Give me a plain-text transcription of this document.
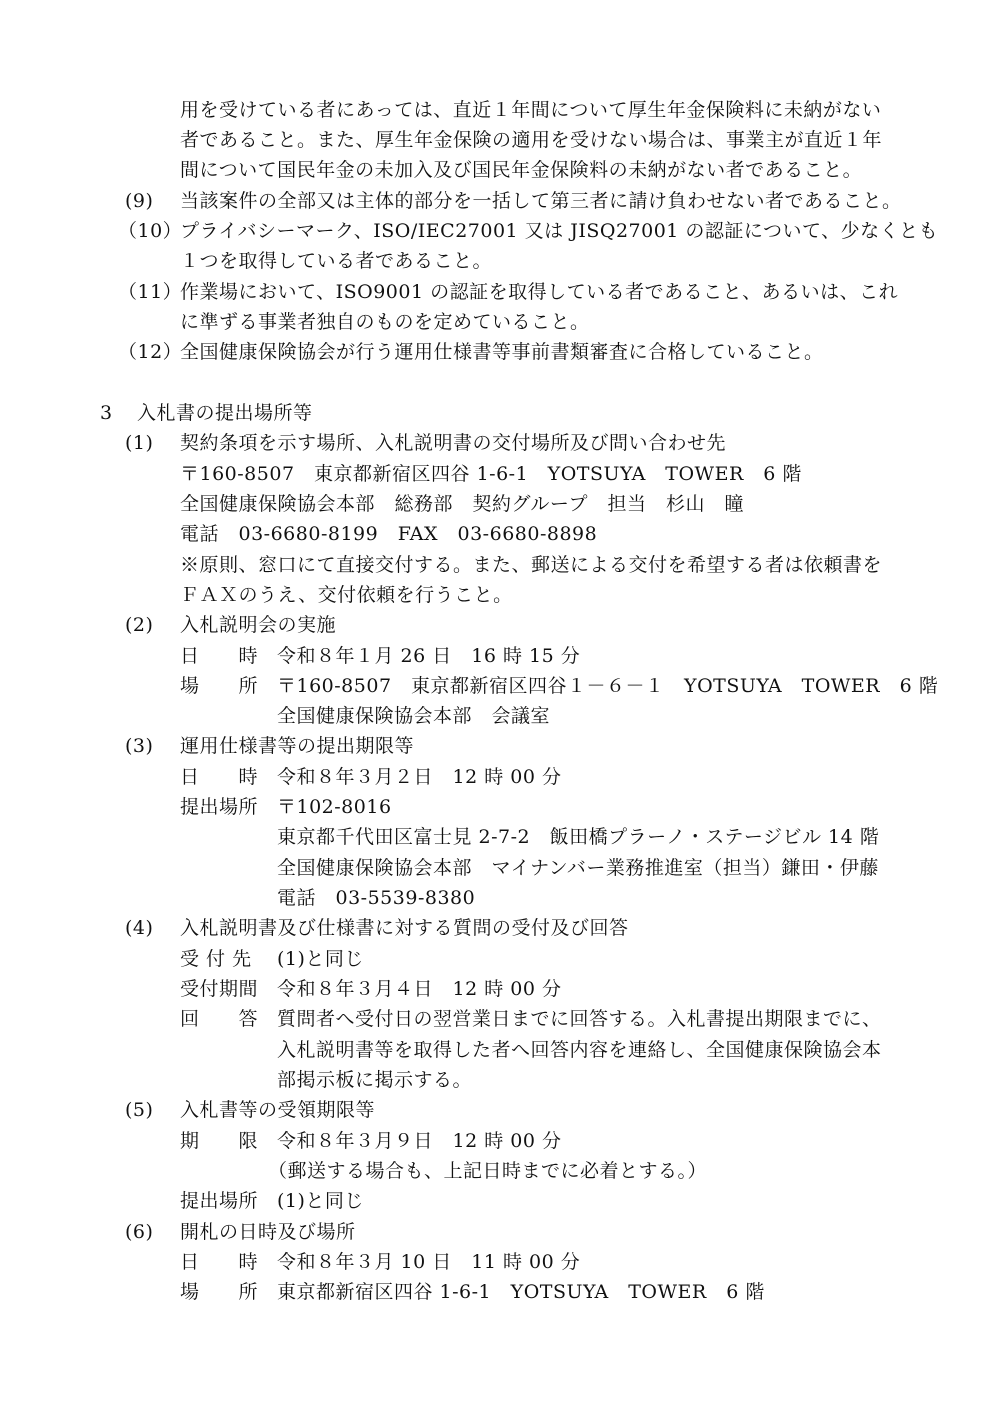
用を受けている者にあっては、直近１年間について厚生年金保険料に未納がない
者であること。また、厚生年金保険の適用を受けない場合は、事業主が直近１年
間について国民年金の未加入及び国民年金保険料の未納がない者であること。
(9) 当該案件の全部又は主体的部分を一括して第三者に請け負わせない者であること。
（10）
プライバシーマーク、ISO/IEC27001 又は JISQ27001 の認証について、少なくとも
１つを取得している者であること。
（11）
作業場において、ISO9001 の認証を取得している者であること、あるいは、これ
に準ずる事業者独自のものを定めていること。
（12）
全国健康保険協会が行う運用仕様書等事前書類審査に合格していること。
3 入札書の提出場所等
(1) 契約条項を示す場所、入札説明書の交付場所及び問い合わせ先
〒160-8507　東京都新宿区四谷 1-6-1　YOTSUYA　TOWER　6 階
全国健康保険協会本部　総務部　契約グループ　担当　杉山　瞳
電話　03-6680-8199　FAX　03-6680-8898
※原則、窓口にて直接交付する。また、郵送による交付を希望する者は依頼書を
ＦＡＸのうえ、交付依頼を行うこと。
(2) 入札説明会の実施
日　　時 令和８年１月 26 日　16 時 15 分
場　　所 〒160-8507　東京都新宿区四谷１－６－１　YOTSUYA　TOWER　6 階
全国健康保険協会本部　会議室
(3) 運用仕様書等の提出期限等
日　　時 令和８年３月２日　12 時 00 分
提出場所 〒102-8016
東京都千代田区富士見 2-7-2　飯田橋プラーノ・ステージビル 14 階
全国健康保険協会本部　マイナンバー業務推進室（担当）鎌田・伊藤
電話　03-5539-8380
(4) 入札説明書及び仕様書に対する質問の受付及び回答
受 付 先 (1)と同じ
受付期間 令和８年３月４日　12 時 00 分
回　　答 質問者へ受付日の翌営業日までに回答する。入札書提出期限までに、
入札説明書等を取得した者へ回答内容を連絡し、全国健康保険協会本
部掲示板に掲示する。
(5) 入札書等の受領期限等
期　　限 令和８年３月９日　12 時 00 分
（郵送する場合も、上記日時までに必着とする。）
提出場所 (1)と同じ
(6) 開札の日時及び場所
日　　時 令和８年３月 10 日　11 時 00 分
場　　所 東京都新宿区四谷 1-6-1　YOTSUYA　TOWER　6 階
